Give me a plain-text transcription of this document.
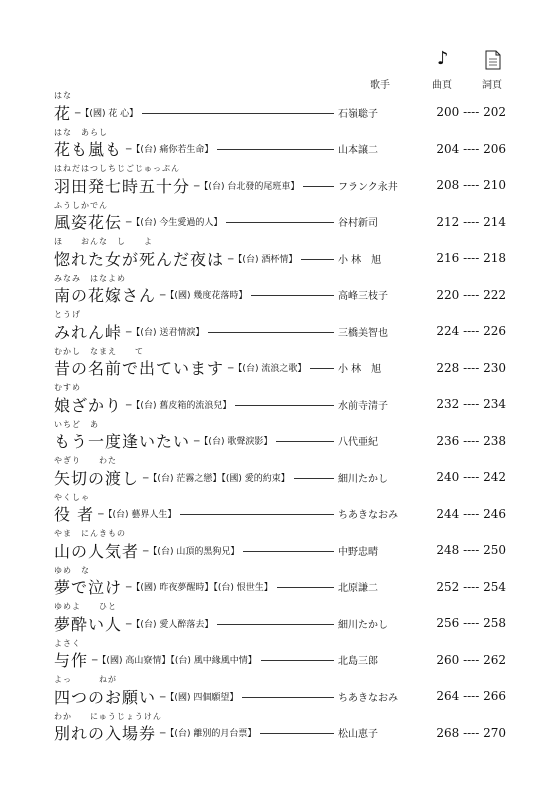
♪
歌手	曲頁	詞頁
はな
花 ─【(國) 花 心】	石嶺聡子	200 ---- 202
はな　あらし
花も嵐も ─【(台) 痛你若生命】	山本譲二	204 ---- 206
はねだはつしちじごじゅっぷん
羽田発七時五十分 ─【(台) 台北發的尾班車】	フランク永井	208 ---- 210
ふうしかでん
風姿花伝 ─【(台) 今生愛過的人】	谷村新司	212 ---- 214
ほ　　おんな　し　　よ
惚れた女が死んだ夜は ─【(台) 酒杯情】	小 林　旭	216 ---- 218
みなみ　はなよめ
南の花嫁さん ─【(國) 幾度花落時】	高峰三枝子	220 ---- 222
とうげ
みれん峠 ─【(台) 送君情淚】	三橋美智也	224 ---- 226
むかし　なまえ　　て
昔の名前で出ています ─【(台) 流浪之歌】	小 林　旭	228 ---- 230
むすめ
娘ざかり ─【(台) 舊皮箱的流浪兒】	水前寺清子	232 ---- 234
いちど　あ
もう一度逢いたい ─【(台) 歌聲淚影】	八代亜紀	236 ---- 238
やぎり　　わた
矢切の渡し ─【(台) 茫霧之戀】【(國) 愛的約束】	細川たかし	240 ---- 242
やくしゃ
役 者 ─【(台) 藝界人生】	ちあきなおみ	244 ---- 246
やま　にんきもの
山の人気者 ─【(台) 山頂的黑狗兄】	中野忠晴	248 ---- 250
ゆめ　な
夢で泣け ─【(國) 昨夜夢醒時】【(台) 恨世生】	北原謙二	252 ---- 254
ゆめよ　　ひと
夢酔い人 ─【(台) 愛人醉落去】	細川たかし	256 ---- 258
よさく
与作 ─【(國) 高山寮情】【(台) 風中緣風中情】	北島三郎	260 ---- 262
よっ　　　ねが
四つのお願い ─【(國) 四個願望】	ちあきなおみ	264 ---- 266
わか　　にゅうじょうけん
別れの入場券 ─【(台) 離別的月台票】	松山恵子	268 ---- 270
